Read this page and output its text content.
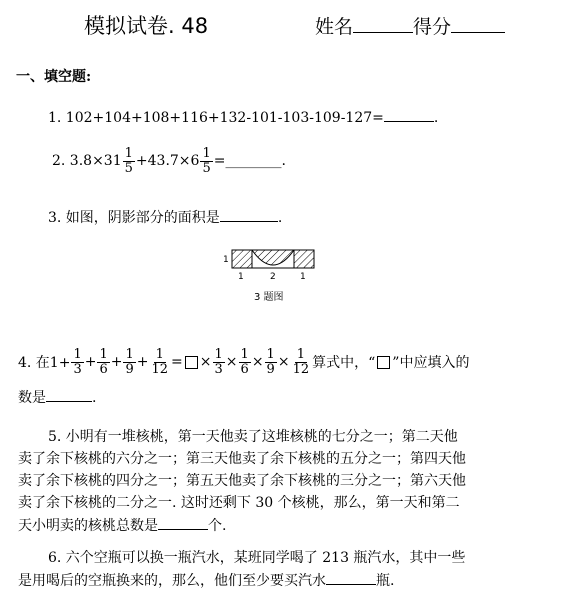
模拟试卷. 48	姓名	得分
一、填空题:
1. 102+104+108+116+132-101-103-109-127=	.
2. $3.8\times 31 \frac{1}{5} +43.7\times 6 \frac{1}{5}$ = ________ .
3. 如图，阴影部分的面积是	.
1
1	2	1
3 题图
4. 在$1+ \frac{1}{3} + \frac{1}{6} + \frac{1}{9} + \frac{1}{12}$ = × $\frac{1}{3} \times \frac{1}{6} \times \frac{1}{9} \times \frac{1}{12}$ 算式中，“ ”中应填入的
数是	.
5. 小明有一堆核桃，第一天他卖了这堆核桃的七分之一；第二天他
卖了余下核桃的六分之一；第三天他卖了余下核桃的五分之一；第四天他
卖了余下核桃的四分之一；第五天他卖了余下核桃的三分之一；第六天他
卖了余下核桃的二分之一. 这时还剩下 30 个核桃，那么，第一天和第二
天小明卖的核桃总数是	个.
6. 六个空瓶可以换一瓶汽水，某班同学喝了 213 瓶汽水，其中一些
是用喝后的空瓶换来的，那么，他们至少要买汽水	瓶.
